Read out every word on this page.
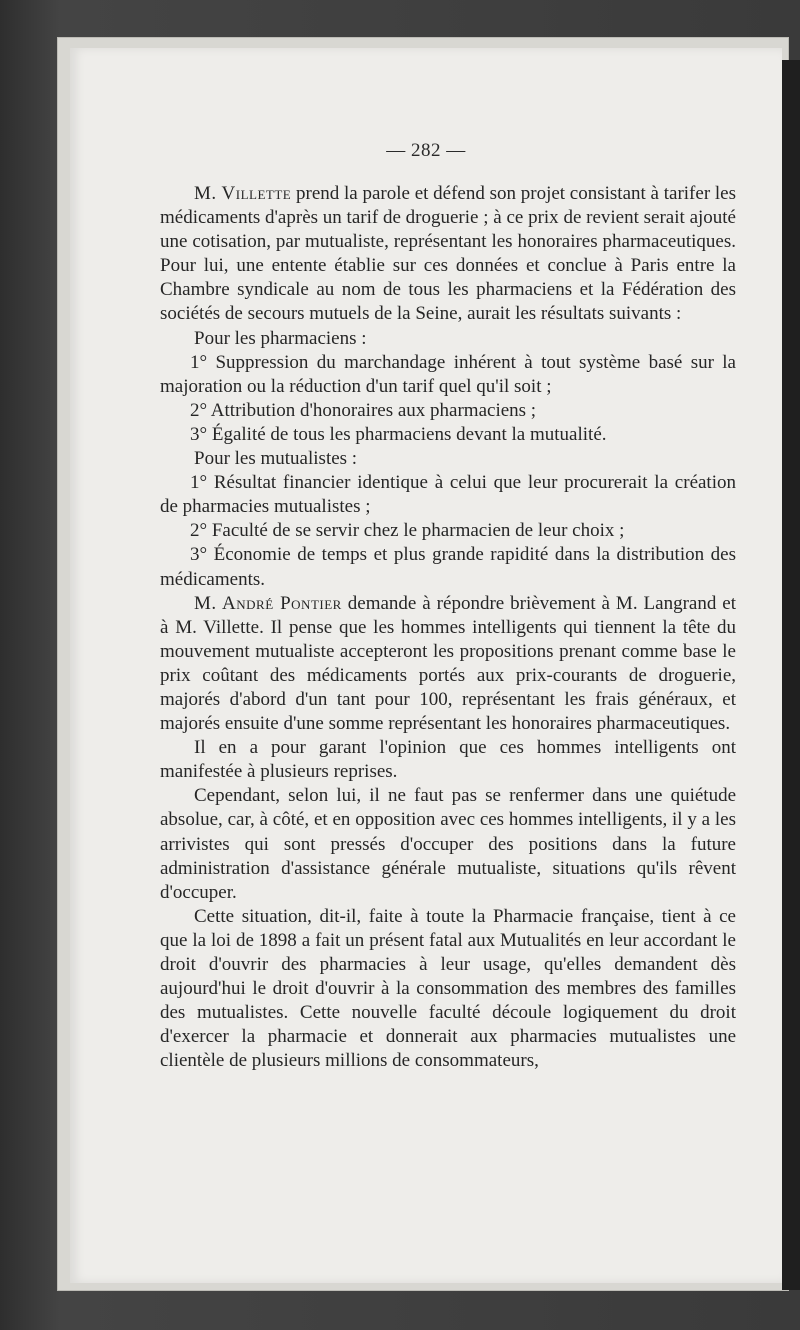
— 282 —

M. Villette prend la parole et défend son projet consistant à tarifer les médicaments d'après un tarif de droguerie ; à ce prix de revient serait ajouté une cotisation, par mutualiste, représentant les honoraires pharmaceutiques. Pour lui, une entente établie sur ces données et conclue à Paris entre la Chambre syndicale au nom de tous les pharmaciens et la Fédération des sociétés de secours mutuels de la Seine, aurait les résultats suivants :

Pour les pharmaciens :

1° Suppression du marchandage inhérent à tout système basé sur la majoration ou la réduction d'un tarif quel qu'il soit ;

2° Attribution d'honoraires aux pharmaciens ;

3° Égalité de tous les pharmaciens devant la mutualité.

Pour les mutualistes :

1° Résultat financier identique à celui que leur procurerait la création de pharmacies mutualistes ;

2° Faculté de se servir chez le pharmacien de leur choix ;

3° Économie de temps et plus grande rapidité dans la distribution des médicaments.

M. André Pontier demande à répondre brièvement à M. Langrand et à M. Villette. Il pense que les hommes intelligents qui tiennent la tête du mouvement mutualiste accepteront les propositions prenant comme base le prix coûtant des médicaments portés aux prix-courants de droguerie, majorés d'abord d'un tant pour 100, représentant les frais généraux, et majorés ensuite d'une somme représentant les honoraires pharmaceutiques.

Il en a pour garant l'opinion que ces hommes intelligents ont manifestée à plusieurs reprises.

Cependant, selon lui, il ne faut pas se renfermer dans une quiétude absolue, car, à côté, et en opposition avec ces hommes intelligents, il y a les arrivistes qui sont pressés d'occuper des positions dans la future administration d'assistance générale mutualiste, situations qu'ils rêvent d'occuper.

Cette situation, dit-il, faite à toute la Pharmacie française, tient à ce que la loi de 1898 a fait un présent fatal aux Mutualités en leur accordant le droit d'ouvrir des pharmacies à leur usage, qu'elles demandent dès aujourd'hui le droit d'ouvrir à la consommation des membres des familles des mutualistes. Cette nouvelle faculté découle logiquement du droit d'exercer la pharmacie et donnerait aux pharmacies mutualistes une clientèle de plusieurs millions de consommateurs,
